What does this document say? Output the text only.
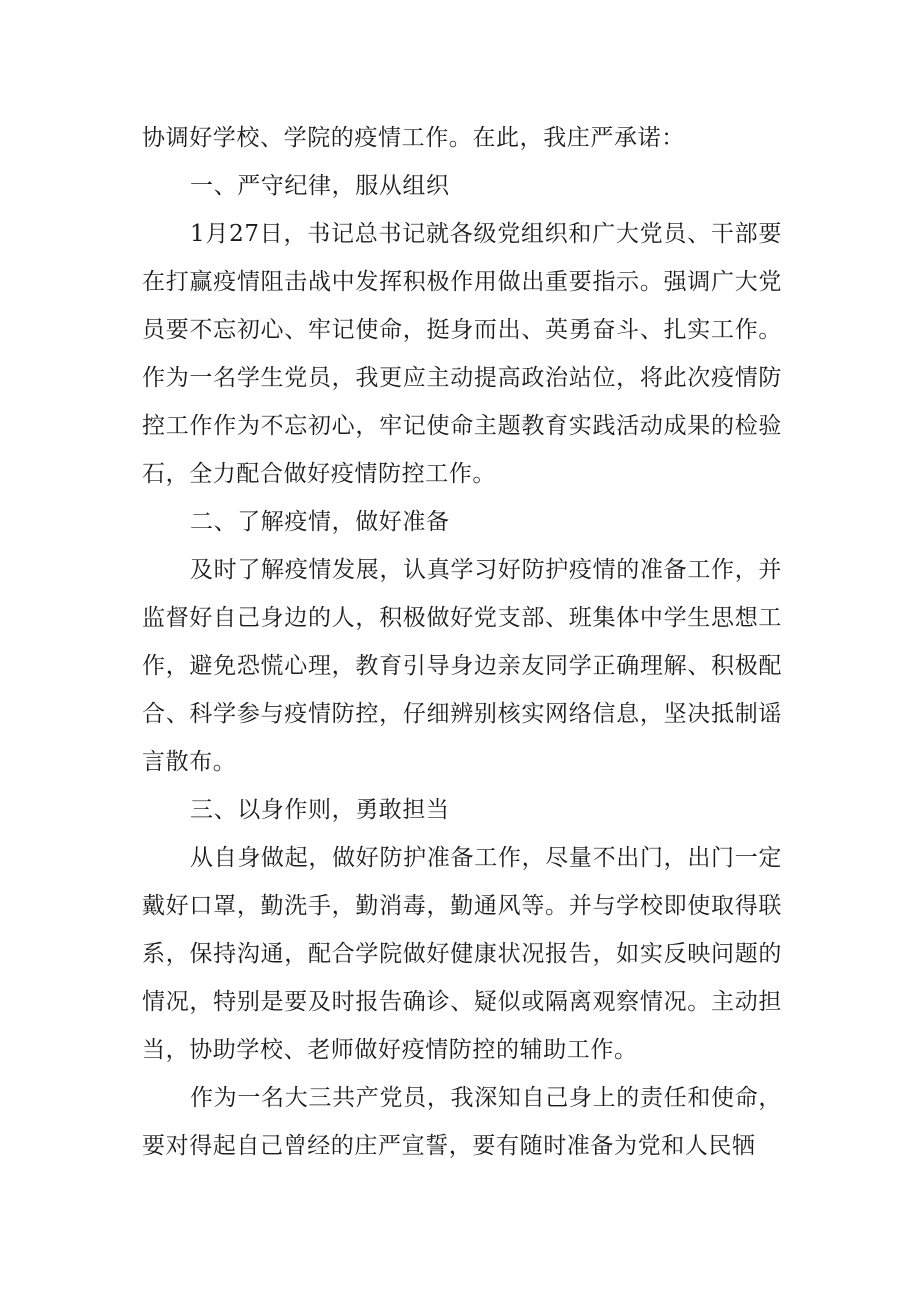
协调好学校、学院的疫情工作。在此，我庄严承诺：

一、严守纪律，服从组织

1月27日，书记总书记就各级党组织和广大党员、干部要在打赢疫情阻击战中发挥积极作用做出重要指示。强调广大党员要不忘初心、牢记使命，挺身而出、英勇奋斗、扎实工作。作为一名学生党员，我更应主动提高政治站位，将此次疫情防控工作作为不忘初心，牢记使命主题教育实践活动成果的检验石，全力配合做好疫情防控工作。

二、了解疫情，做好准备

及时了解疫情发展，认真学习好防护疫情的准备工作，并监督好自己身边的人，积极做好党支部、班集体中学生思想工作，避免恐慌心理，教育引导身边亲友同学正确理解、积极配合、科学参与疫情防控，仔细辨别核实网络信息，坚决抵制谣言散布。

三、以身作则，勇敢担当

从自身做起，做好防护准备工作，尽量不出门，出门一定戴好口罩，勤洗手，勤消毒，勤通风等。并与学校即使取得联系，保持沟通，配合学院做好健康状况报告，如实反映问题的情况，特别是要及时报告确诊、疑似或隔离观察情况。主动担当，协助学校、老师做好疫情防控的辅助工作。

作为一名大三共产党员，我深知自己身上的责任和使命，要对得起自己曾经的庄严宣誓，要有随时准备为党和人民牺
